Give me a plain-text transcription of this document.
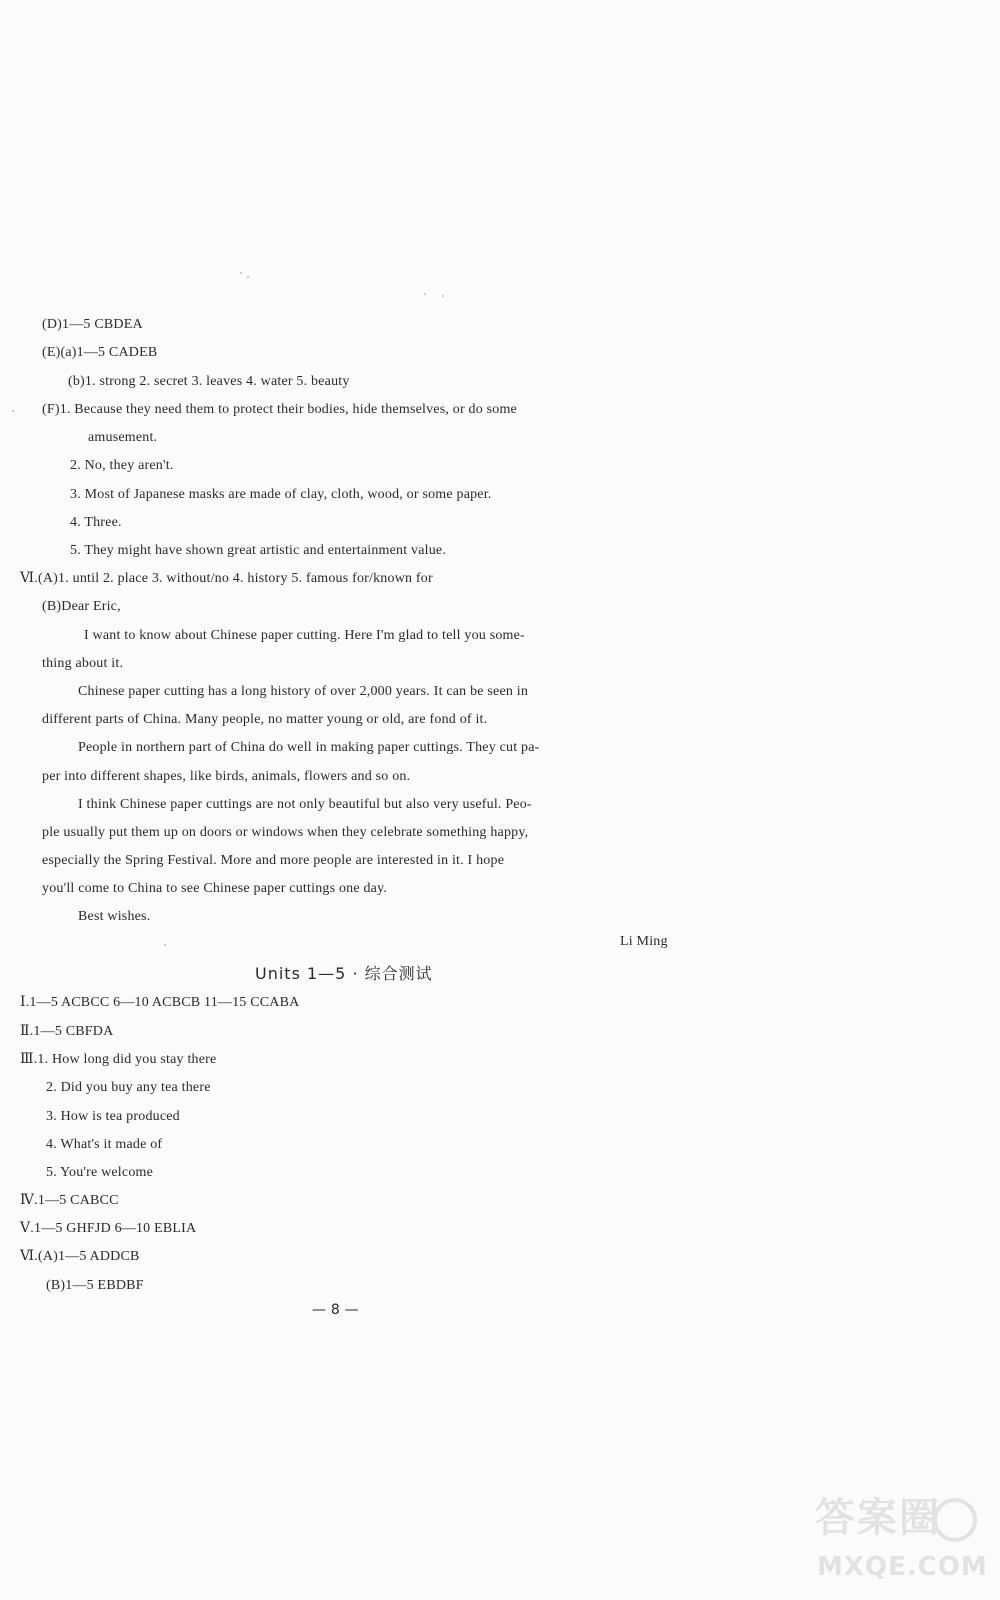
(D)1—5 CBDEA
(E)(a)1—5 CADEB
(b)1. strong 2. secret 3. leaves 4. water 5. beauty
(F)1. Because they need them to protect their bodies, hide themselves, or do some
amusement.
2. No, they aren't.
3. Most of Japanese masks are made of clay, cloth, wood, or some paper.
4. Three.
5. They might have shown great artistic and entertainment value.
Ⅵ.(A)1. until 2. place 3. without/no 4. history 5. famous for/known for
(B)Dear Eric,
I want to know about Chinese paper cutting. Here I'm glad to tell you some-
thing about it.
Chinese paper cutting has a long history of over 2,000 years. It can be seen in
different parts of China. Many people, no matter young or old, are fond of it.
People in northern part of China do well in making paper cuttings. They cut pa-
per into different shapes, like birds, animals, flowers and so on.
I think Chinese paper cuttings are not only beautiful but also very useful. Peo-
ple usually put them up on doors or windows when they celebrate something happy,
especially the Spring Festival. More and more people are interested in it. I hope
you'll come to China to see Chinese paper cuttings one day.
Best wishes.
Li Ming
Units 1—5 · 综合测试
Ⅰ.1—5 ACBCC 6—10 ACBCB 11—15 CCABA
Ⅱ.1—5 CBFDA
Ⅲ.1. How long did you stay there
2. Did you buy any tea there
3. How is tea produced
4. What's it made of
5. You're welcome
Ⅳ.1—5 CABCC
Ⅴ.1—5 GHFJD 6—10 EBLIA
Ⅵ.(A)1—5 ADDCB
(B)1—5 EBDBF
— 8 —
答案圈
MXQE.COM
